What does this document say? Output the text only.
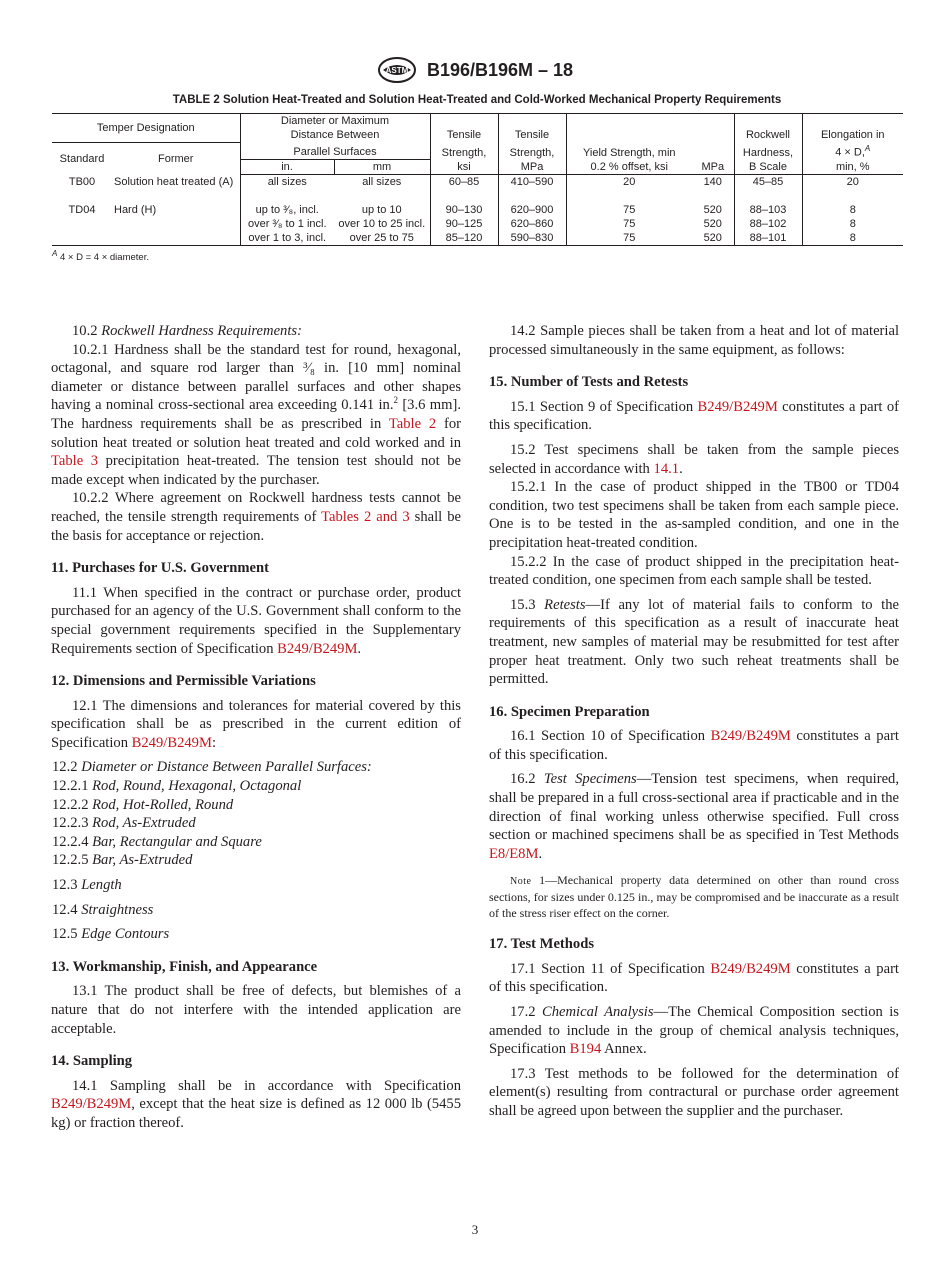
ASTM B196/B196M – 18
TABLE 2 Solution Heat-Treated and Solution Heat-Treated and Cold-Worked Mechanical Property Requirements
Temper Designation		Diameter or Maximum							
		Distance Between		Tensile	Tensile			Rockwell	Elongation in
Standard	Former	Parallel Surfaces		Strength,	Strength,	Yield Strength, min		Hardness,	4 × D,$^A$
		in.	mm	ksi	MPa	0.2 % offset, ksi	MPa	B Scale	min, %
TB00	Solution heat treated (A)	all sizes	all sizes	60–85	410–590	20	140	45–85	20
TD04	Hard (H)	up to ³⁄₈, incl.	up to 10	90–130	620–900	75	520	88–103	8
		over ³⁄₈ to 1 incl.	over 10 to 25 incl.	90–125	620–860	75	520	88–102	8
		over 1 to 3, incl.	over 25 to 75	85–120	590–830	75	520	88–101	8
$^A$ 4 × D = 4 × diameter.

10.2 Rockwell Hardness Requirements:

10.2.1 Hardness shall be the standard test for round, hexagonal, octagonal, and square rod larger than ³⁄₈ in. [10 mm] nominal diameter or distance between parallel surfaces and other shapes having a nominal cross-sectional area exceeding 0.141 in.$^2$ [3.6 mm]. The hardness requirements shall be as prescribed in Table 2 for solution heat treated or solution heat treated and cold worked and in Table 3 precipitation heat-treated. The tension test should not be made except when indicated by the purchaser.

10.2.2 Where agreement on Rockwell hardness tests cannot be reached, the tensile strength requirements of Tables 2 and 3 shall be the basis for acceptance or rejection.

11. Purchases for U.S. Government

11.1 When specified in the contract or purchase order, product purchased for an agency of the U.S. Government shall conform to the special government requirements specified in the Supplementary Requirements section of Specification B249/B249M.

12. Dimensions and Permissible Variations

12.1 The dimensions and tolerances for material covered by this specification shall be as prescribed in the current edition of Specification B249/B249M:

12.2 Diameter or Distance Between Parallel Surfaces:
12.2.1 Rod, Round, Hexagonal, Octagonal
12.2.2 Rod, Hot-Rolled, Round
12.2.3 Rod, As-Extruded
12.2.4 Bar, Rectangular and Square
12.2.5 Bar, As-Extruded
12.3 Length
12.4 Straightness
12.5 Edge Contours
13. Workmanship, Finish, and Appearance

13.1 The product shall be free of defects, but blemishes of a nature that do not interfere with the intended application are acceptable.

14. Sampling

14.1 Sampling shall be in accordance with Specification B249/B249M, except that the heat size is defined as 12 000 lb (5455 kg) or fraction thereof.

14.2 Sample pieces shall be taken from a heat and lot of material processed simultaneously in the same equipment, as follows:

15. Number of Tests and Retests

15.1 Section 9 of Specification B249/B249M constitutes a part of this specification.

15.2 Test specimens shall be taken from the sample pieces selected in accordance with 14.1.

15.2.1 In the case of product shipped in the TB00 or TD04 condition, two test specimens shall be taken from each sample piece. One is to be tested in the as-sampled condition, and one in the precipitation heat-treated condition.

15.2.2 In the case of product shipped in the precipitation heat-treated condition, one specimen from each sample shall be tested.

15.3 Retests—If any lot of material fails to conform to the requirements of this specification as a result of inaccurate heat treatment, new samples of material may be resubmitted for test after proper heat treatment. Only two such reheat treatments shall be permitted.

16. Specimen Preparation

16.1 Section 10 of Specification B249/B249M constitutes a part of this specification.

16.2 Test Specimens—Tension test specimens, when required, shall be prepared in a full cross-sectional area if practicable and in the direction of final working unless otherwise specified. Full cross section or machined specimens shall be as specified in Test Methods E8/E8M.

Note 1—Mechanical property data determined on other than round cross sections, for sizes under 0.125 in., may be compromised and be inaccurate as a result of the stress riser effect on the corner.

17. Test Methods

17.1 Section 11 of Specification B249/B249M constitutes a part of this specification.

17.2 Chemical Analysis—The Chemical Composition section is amended to include in the group of chemical analysis techniques, Specification B194 Annex.

17.3 Test methods to be followed for the determination of element(s) resulting from contractural or purchase order agreement shall be agreed upon between the supplier and the purchaser.

3
